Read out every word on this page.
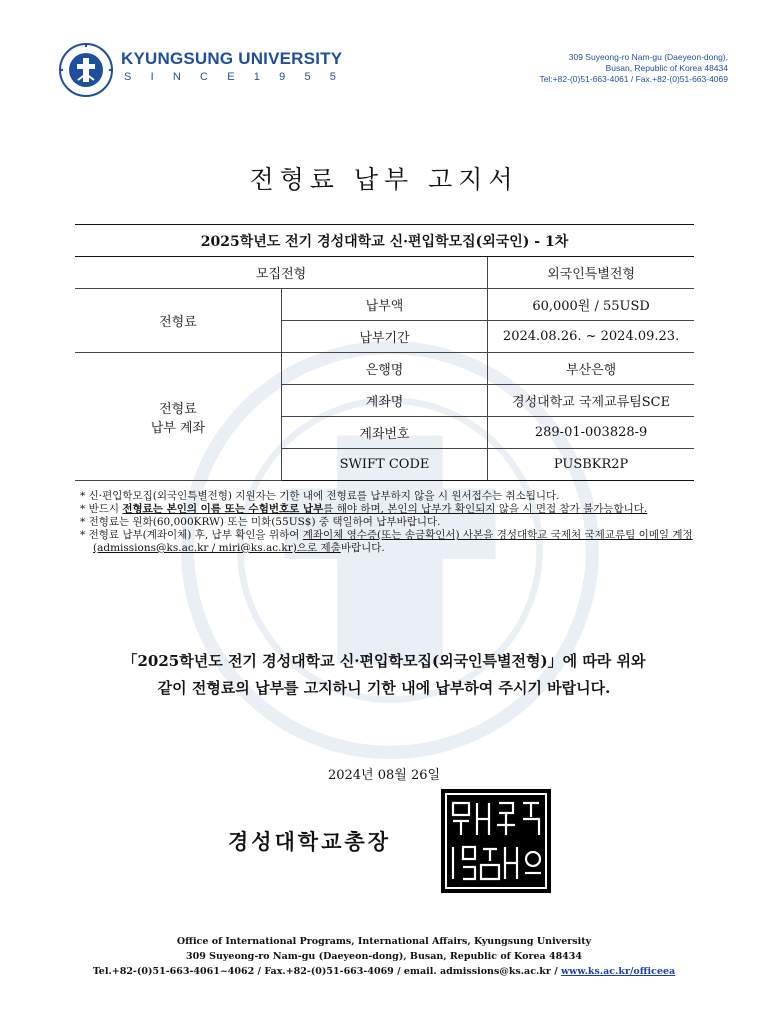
KYUNGSUNG UNIVERSITY
S I N C E 1 9 5 5
309 Suyeong-ro Nam-gu (Daeyeon-dong),
Busan, Republic of Korea 48434
Tel:+82-(0)51-663-4061 / Fax.+82-(0)51-663-4069
전형료 납부 고지서
2025학년도 전기 경성대학교 신·편입학모집(외국인) - 1차		
모집전형		외국인특별전형
전형료	납부액	60,000원 / 55USD
	납부기간	2024.08.26. ~ 2024.09.23.

전형료
납부 계좌	은행명	부산은행
	계좌명	경성대학교 국제교류팀SCE
	계좌번호	289-01-003828-9
	SWIFT CODE	PUSBKR2P

* 신·편입학모집(외국인특별전형) 지원자는 기한 내에 전형료를 납부하지 않을 시 원서접수는 취소됩니다.

* 반드시 전형료는 본인의 이름 또는 수험번호로 납부를 해야 하며, 본인의 납부가 확인되지 않을 시 면접 참가 불가능합니다.

* 전형료는 원화(60,000KRW) 또는 미화(55US$) 중 택일하여 납부바랍니다.

* 전형료 납부(계좌이체) 후, 납부 확인을 위하여 계좌이체 영수증(또는 송금확인서) 사본을 경성대학교 국제처 국제교류팀 이메일 계정(admissions@ks.ac.kr / miri@ks.ac.kr)으로 제출바랍니다.

「2025학년도 전기 경성대학교 신·편입학모집(외국인특별전형)」에 따라 위와
같이 전형료의 납부를 고지하니 기한 내에 납부하여 주시기 바랍니다.
2024년 08월 26일
경성대학교총장
Office of International Programs, International Affairs, Kyungsung University
309 Suyeong-ro Nam-gu (Daeyeon-dong), Busan, Republic of Korea 48434
Tel.+82-(0)51-663-4061~4062 / Fax.+82-(0)51-663-4069 / email. admissions@ks.ac.kr / www.ks.ac.kr/officeea
